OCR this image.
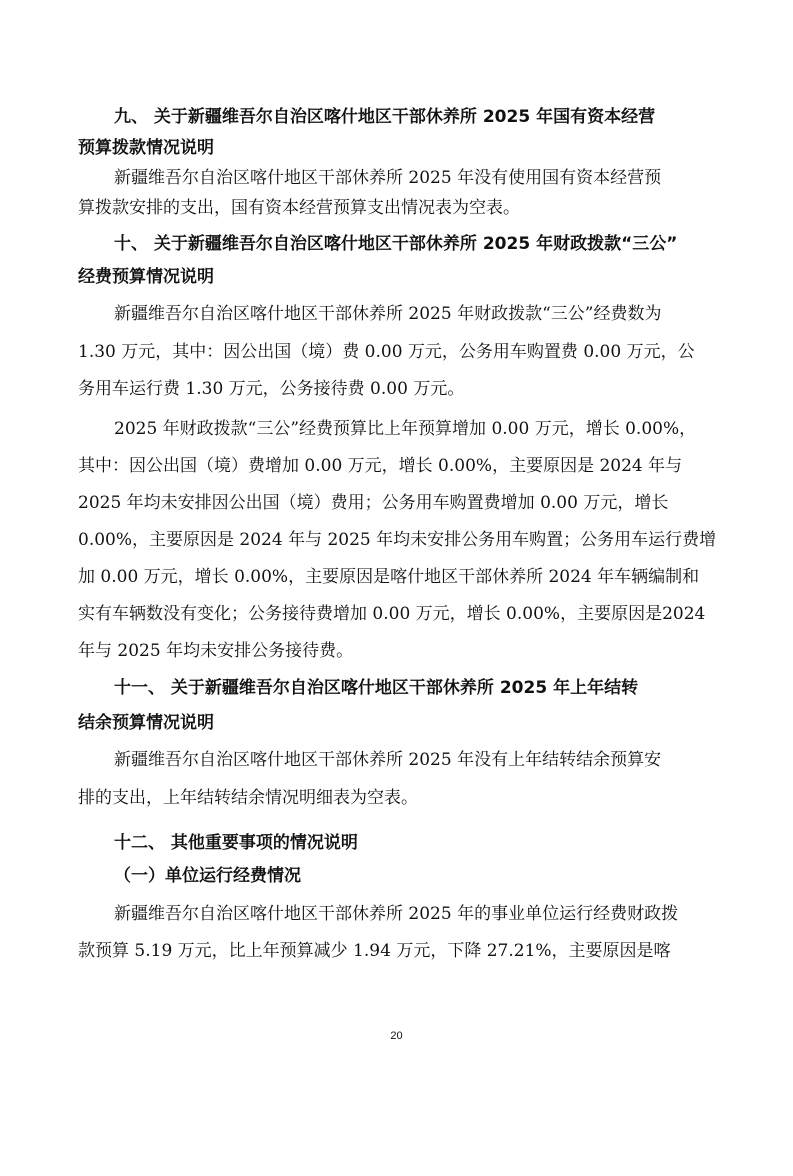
九、 关于新疆维吾尔自治区喀什地区干部休养所 2025 年国有资本经营

预算拨款情况说明

新疆维吾尔自治区喀什地区干部休养所 2025 年没有使用国有资本经营预

算拨款安排的支出，国有资本经营预算支出情况表为空表。

十、 关于新疆维吾尔自治区喀什地区干部休养所 2025 年财政拨款“三公”

经费预算情况说明

新疆维吾尔自治区喀什地区干部休养所 2025 年财政拨款“三公”经费数为

1.30 万元，其中：因公出国（境）费 0.00 万元，公务用车购置费 0.00 万元，公

务用车运行费 1.30 万元，公务接待费 0.00 万元。

2025 年财政拨款“三公”经费预算比上年预算增加 0.00 万元，增长 0.00%，

其中：因公出国（境）费增加 0.00 万元，增长 0.00%，主要原因是 2024 年与

2025 年均未安排因公出国（境）费用；公务用车购置费增加 0.00 万元，增长

0.00%，主要原因是 2024 年与 2025 年均未安排公务用车购置；公务用车运行费增

加 0.00 万元，增长 0.00%，主要原因是喀什地区干部休养所 2024 年车辆编制和

实有车辆数没有变化；公务接待费增加 0.00 万元，增长 0.00%，主要原因是2024

年与 2025 年均未安排公务接待费。

十一、 关于新疆维吾尔自治区喀什地区干部休养所 2025 年上年结转

结余预算情况说明

新疆维吾尔自治区喀什地区干部休养所 2025 年没有上年结转结余预算安

排的支出，上年结转结余情况明细表为空表。

十二、 其他重要事项的情况说明

（一）单位运行经费情况

新疆维吾尔自治区喀什地区干部休养所 2025 年的事业单位运行经费财政拨

款预算 5.19 万元，比上年预算减少 1.94 万元，下降 27.21%，主要原因是喀

20
